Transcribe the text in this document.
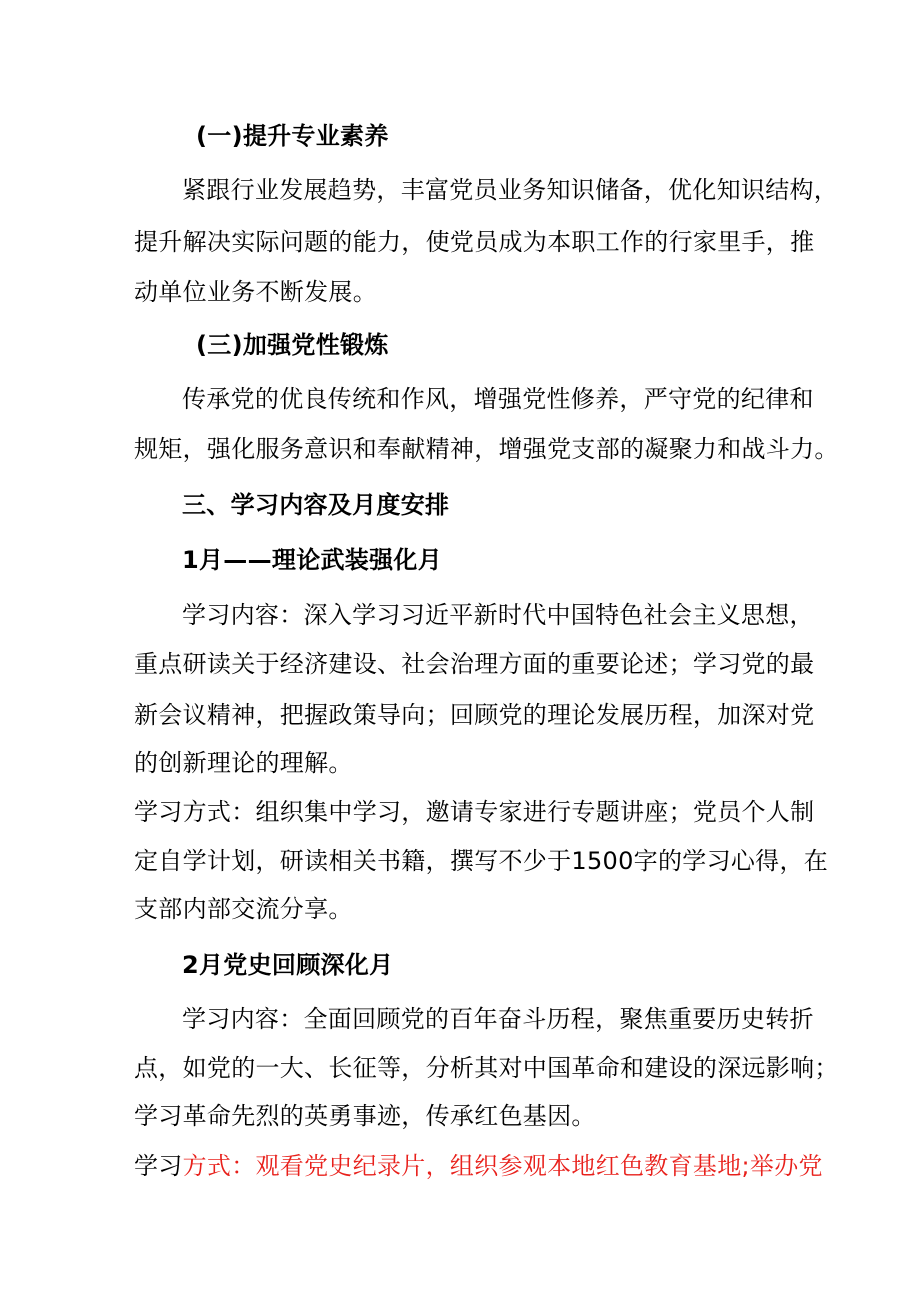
(一)提升专业素养
紧跟行业发展趋势，丰富党员业务知识储备，优化知识结构，
提升解决实际问题的能力，使党员成为本职工作的行家里手，推
动单位业务不断发展。
(三)加强党性锻炼
传承党的优良传统和作风，增强党性修养，严守党的纪律和
规矩，强化服务意识和奉献精神，增强党支部的凝聚力和战斗力。
三、学习内容及月度安排
1月——理论武装强化月
学习内容：深入学习习近平新时代中国特色社会主义思想，
重点研读关于经济建设、社会治理方面的重要论述；学习党的最
新会议精神，把握政策导向；回顾党的理论发展历程，加深对党
的创新理论的理解。
学习方式：组织集中学习，邀请专家进行专题讲座；党员个人制
定自学计划，研读相关书籍，撰写不少于1500字的学习心得，在
支部内部交流分享。
2月党史回顾深化月
学习内容：全面回顾党的百年奋斗历程，聚焦重要历史转折
点，如党的一大、长征等，分析其对中国革命和建设的深远影响；
学习革命先烈的英勇事迹，传承红色基因。
学习方式：观看党史纪录片，组织参观本地红色教育基地;举办党
